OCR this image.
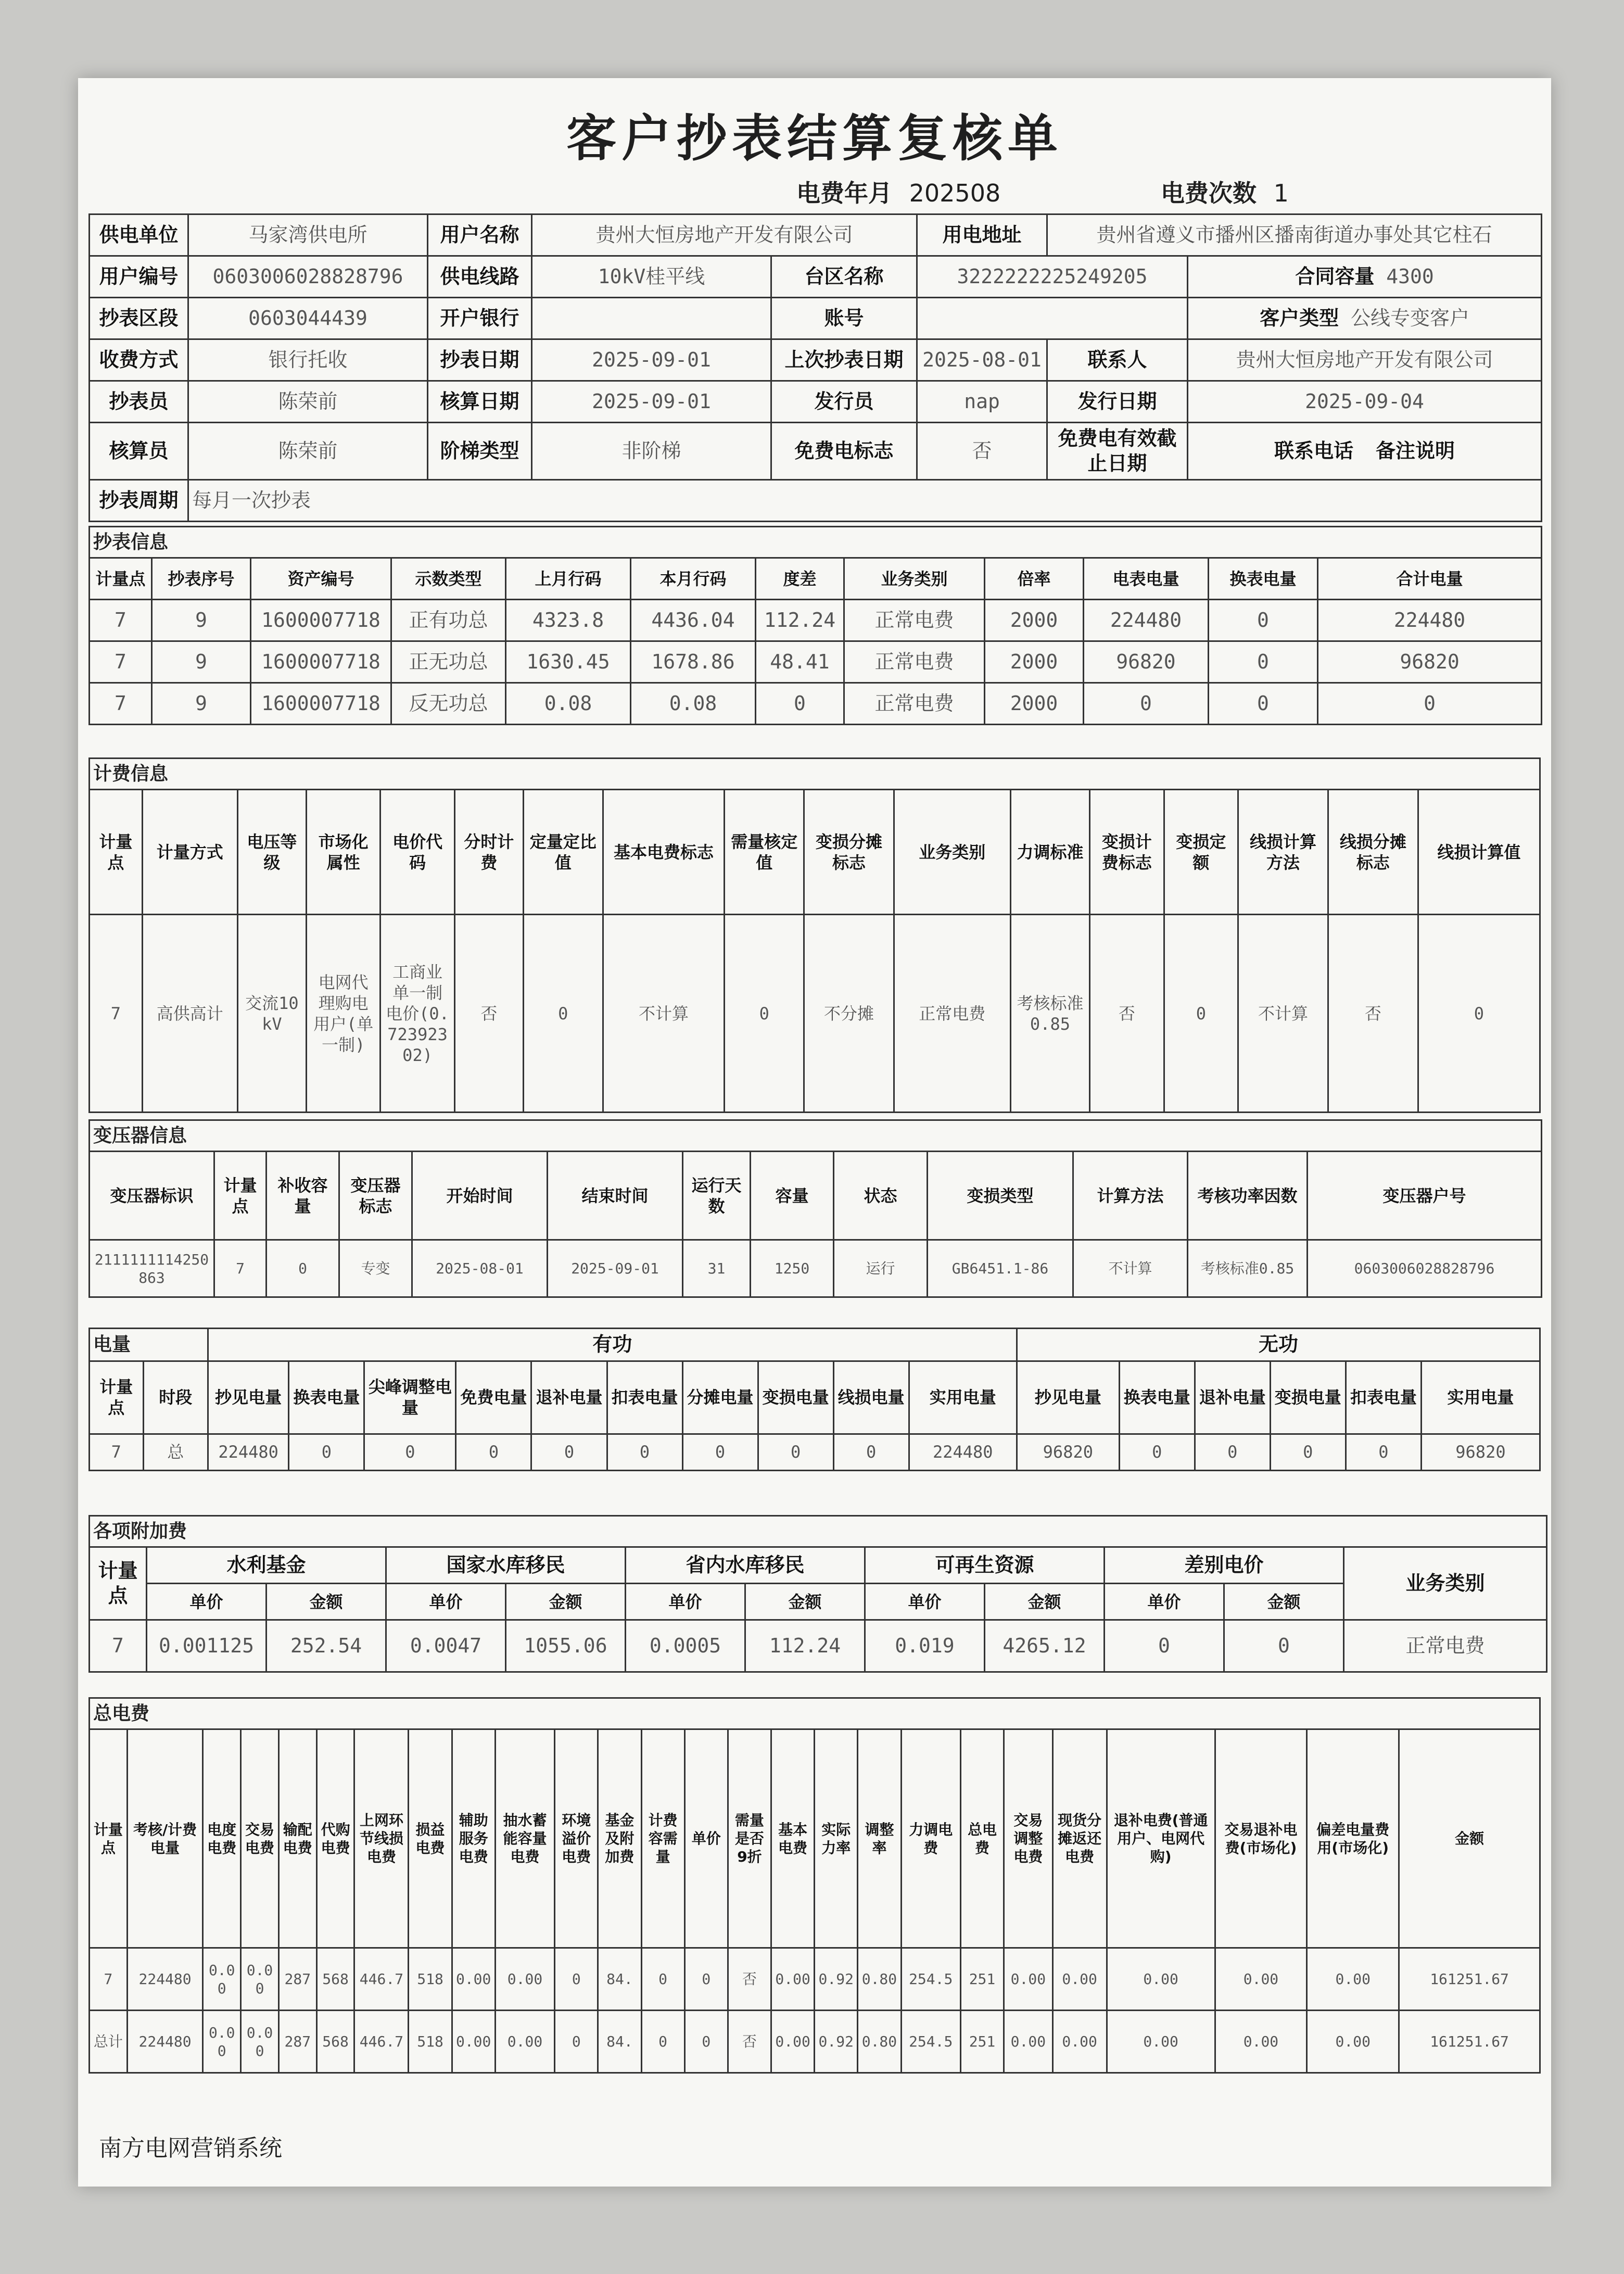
客户抄表结算复核单
电费年月 202508	电费次数 1
供电单位	马家湾供电所	用户名称	贵州大恒房地产开发有限公司		用电地址	贵州省遵义市播州区播南街道办事处其它柱石	
用户编号	0603006028828796	供电线路	10kV桂平线	台区名称	3222222225249205		合同容量 4300
抄表区段	0603044439	开户银行		账号			客户类型 公线专变客户
收费方式	银行托收	抄表日期	2025-09-01	上次抄表日期	2025-08-01	联系人	贵州大恒房地产开发有限公司
抄表员	陈荣前	核算日期	2025-09-01	发行员	nap	发行日期	2025-09-04
核算员	陈荣前	阶梯类型	非阶梯	免费电标志	否	免费电有效截止日期	联系电话 备注说明
抄表周期	每月一次抄表						
抄表信息											
计量点	抄表序号	资产编号	示数类型	上月行码	本月行码	度差	业务类别	倍率	电表电量	换表电量	合计电量
7	9	1600007718	正有功总	4323.8	4436.04	112.24	正常电费	2000	224480	0	224480
7	9	1600007718	正无功总	1630.45	1678.86	48.41	正常电费	2000	96820	0	96820
7	9	1600007718	反无功总	0.08	0.08	0	正常电费	2000	0	0	0
计费信息																
计量点	计量方式	电压等级	市场化属性	电价代码	分时计费	定量定比值	基本电费标志	需量核定值	变损分摊标志	业务类别	力调标准	变损计费标志	变损定额	线损计算方法	线损分摊标志	线损计算值
7	高供高计	交流10kV	电网代理购电用户(单一制)	工商业单一制电价(0.72392302)	否	0	不计算	0	不分摊	正常电费	考核标准0.85	否	0	不计算	否	0
变压器信息												
变压器标识	计量点	补收容量	变压器标志	开始时间	结束时间	运行天数	容量	状态	变损类型	计算方法	考核功率因数	变压器户号
2111111114250863	7	0	专变	2025-08-01	2025-09-01	31	1250	运行	GB6451.1-86	不计算	考核标准0.85	0603006028828796
电量		有功										无功					
计量点	时段	抄见电量	换表电量	尖峰调整电量	免费电量	退补电量	扣表电量	分摊电量	变损电量	线损电量	实用电量	抄见电量	换表电量	退补电量	变损电量	扣表电量	实用电量
7	总	224480	0	0	0	0	0	0	0	0	224480	96820	0	0	0	0	96820
各项附加费											
计量点	水利基金		国家水库移民		省内水库移民		可再生资源		差别电价		业务类别
	单价	金额	单价	金额	单价	金额	单价	金额	单价	金额	
7	0.001125	252.54	0.0047	1055.06	0.0005	112.24	0.019	4265.12	0	0	正常电费
总电费																									
计量点	考核/计费电量	电度电费	交易电费	输配电费	代购电费	上网环节线损电费	损益电费	辅助服务电费	抽水蓄能容量电费	环境溢价电费	基金及附加费	计费容需量	单价	需量是否9折	基本电费	实际力率	调整率	力调电费	总电费	交易调整电费	现货分摊返还电费	退补电费(普通用户、电网代购)	交易退补电费(市场化)	偏差电量费用(市场化)	金额
7	224480	0.00	0.00	287	568	446.7	518	0.00	0.00	0	84.	0	0	否	0.00	0.92	0.80	254.5	251	0.00	0.00	0.00	0.00	0.00	161251.67
总计	224480	0.00	0.00	287	568	446.7	518	0.00	0.00	0	84.	0	0	否	0.00	0.92	0.80	254.5	251	0.00	0.00	0.00	0.00	0.00	161251.67
南方电网营销系统
